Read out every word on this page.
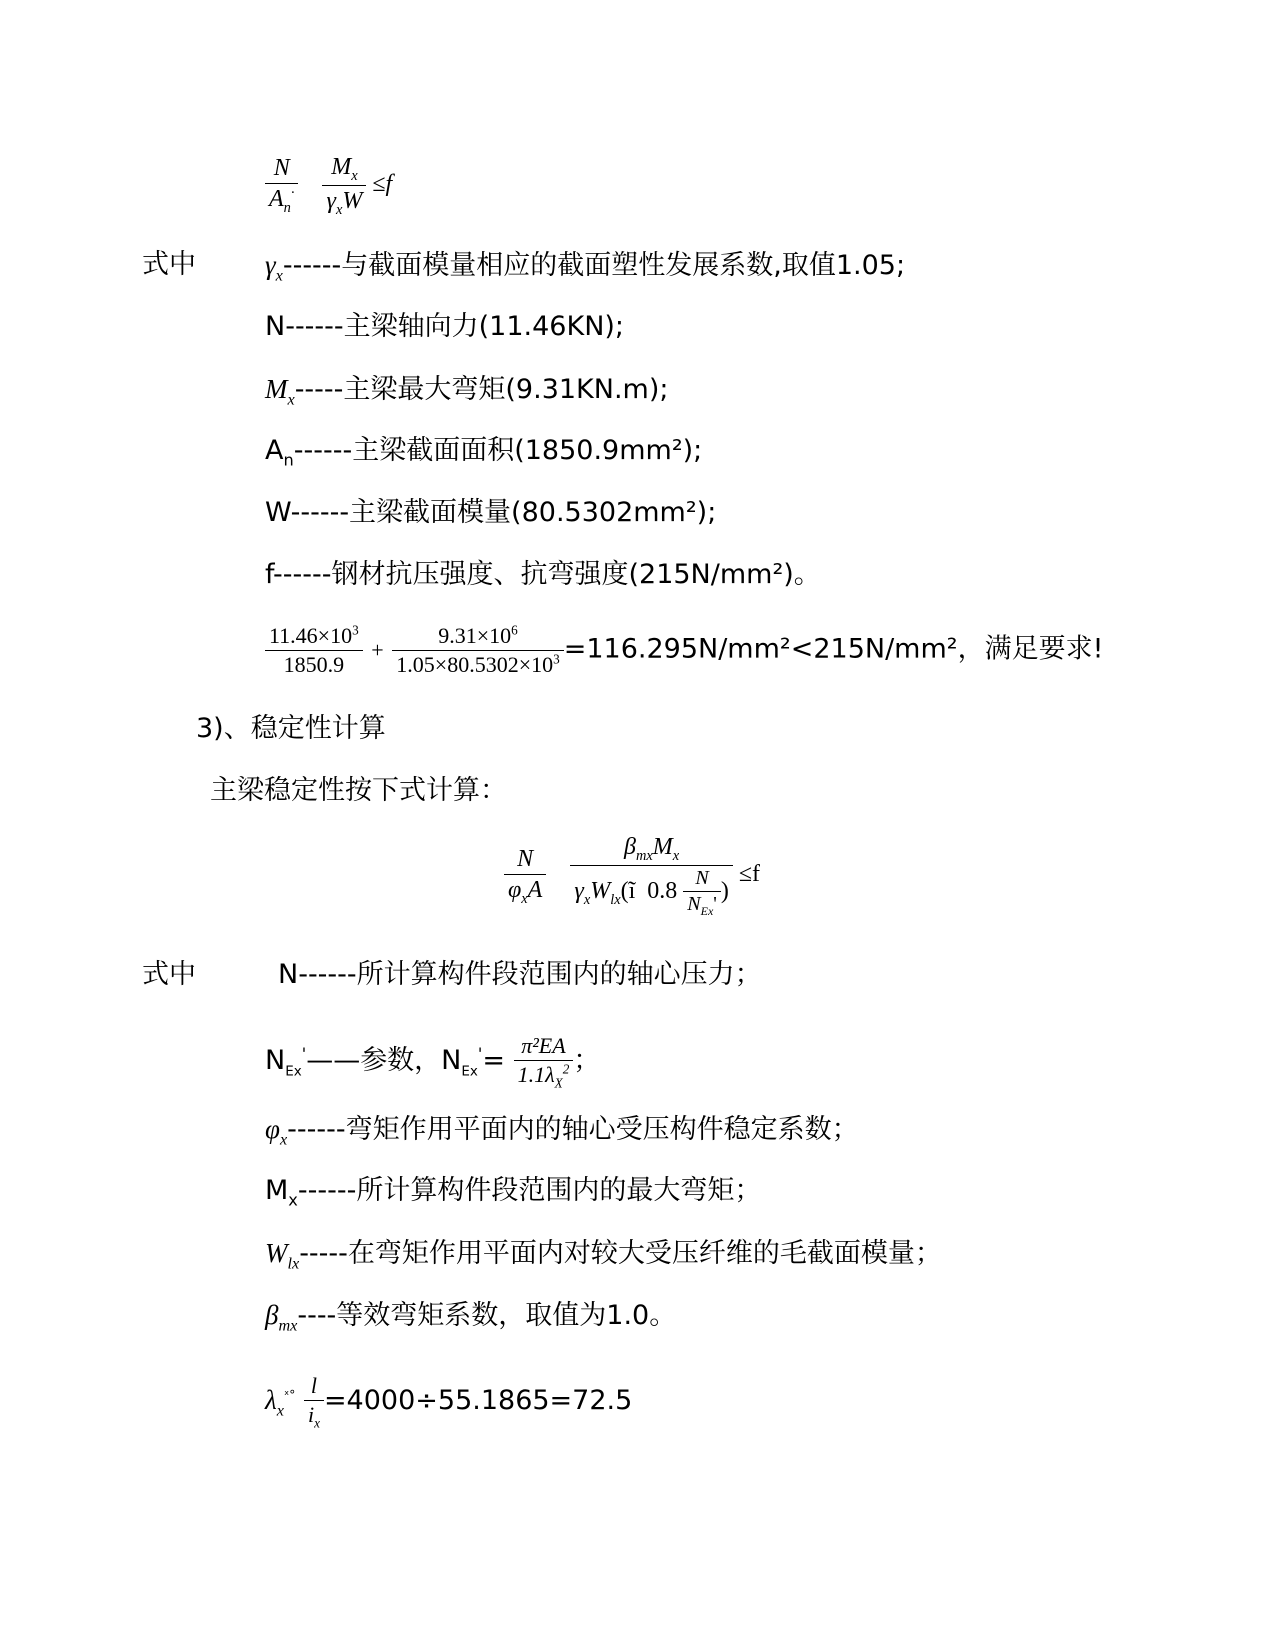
$\frac{N}{A_n^\cdot}$
$\frac{M_x}{\gamma_xW} \le f$
式中	$\gamma_x------$与截面模量相应的截面塑性发展系数,取值1.05;
N------主梁轴向力(11.46KN);
$M_x-----$主梁最大弯矩(9.31KN.m);
$A_n------$主梁截面面积(1850.9mm²);
W------主梁截面模量(80.5302mm²);
f------钢材抗压强度、抗弯强度(215N/mm²)。
$\frac{11.46\times 10^3}{1850.9} + \frac{9.31\times 10^6}{1.05\times 80.5302\times 10^3} =116.295N/mm^2<215N/mm^2$，满足要求!
3)、稳定性计算
主梁稳定性按下式计算：
$\frac{N}{\varphi_xA}$
$\frac{\beta_{mx}M_x}{\gamma_xW_{lx}(ĩ 0.8 \frac{N}{N_{Ex}'} )} \le f$
式中	N------所计算构件段范围内的轴心压力；
$N_{Ex}'——$参数，$N_{Ex}'= \frac{\text{π²EA}}{1.1\lambda_X^2}$ ；
$\varphi_x------$弯矩作用平面内的轴心受压构件稳定系数；
$M_x------$所计算构件段范围内的最大弯矩；
$W_{lx}-----$在弯矩作用平面内对较大受压纤维的毛截面模量；
$\beta_{mx}----$等效弯矩系数，取值为1.0。
$\lambda_x^{ˣ^\circ} \frac{l}{i_x} =4000\div 55.1865=72.5$
